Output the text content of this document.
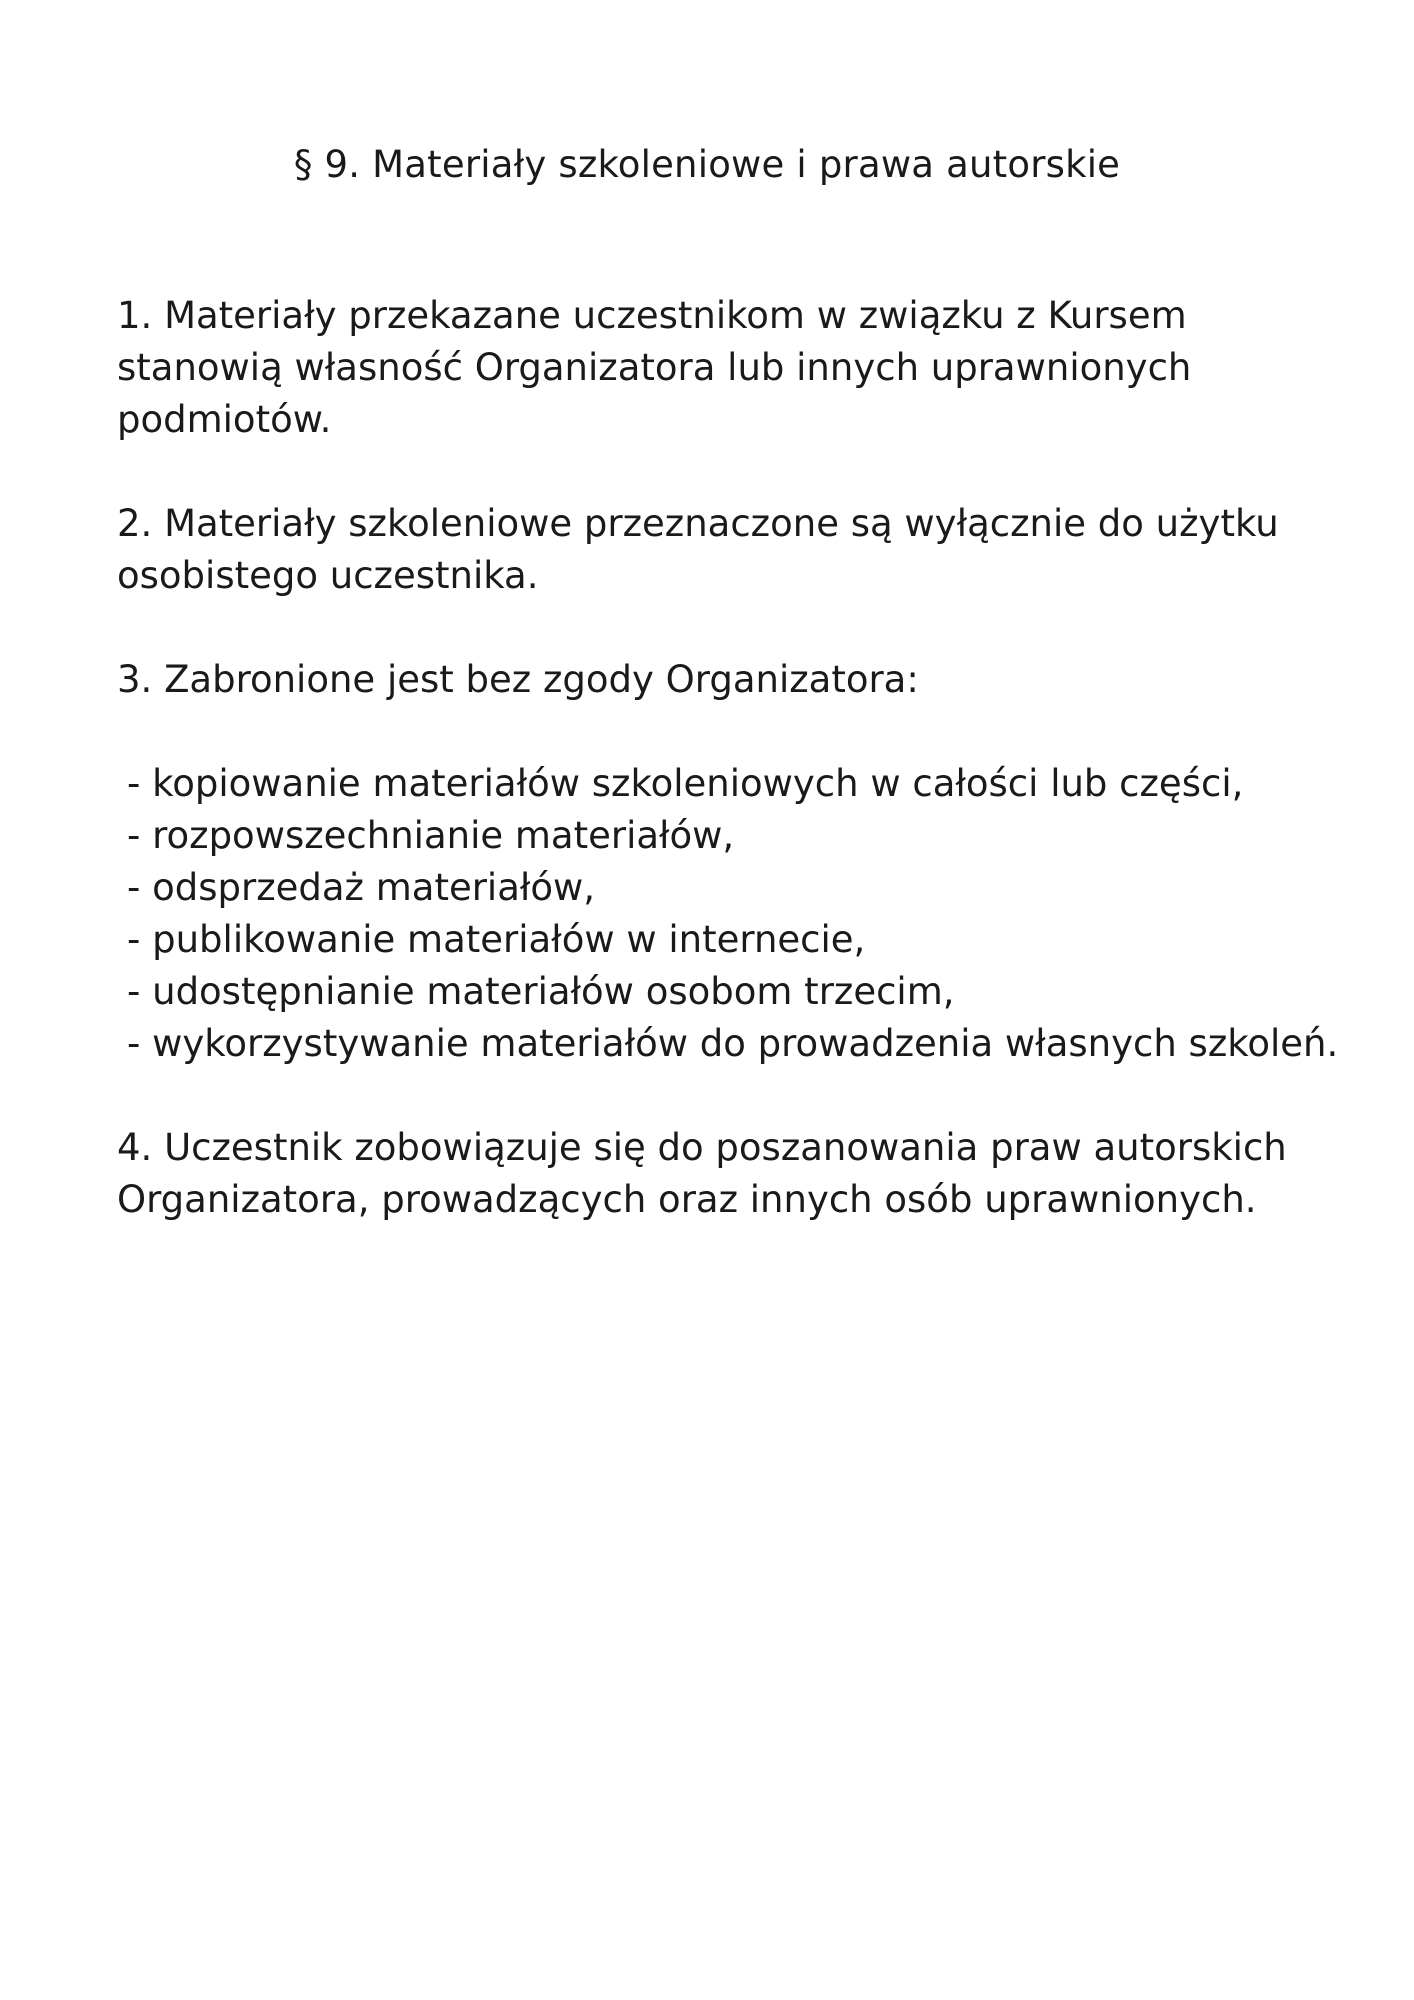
§ 9. Materiały szkoleniowe i prawa autorskie

1. Materiały przekazane uczestnikom w związku z Kursem stanowią własność Organizatora lub innych uprawnionych podmiotów.

2. Materiały szkoleniowe przeznaczone są wyłącznie do użytku osobistego uczestnika.

3. Zabronione jest bez zgody Organizatora:

- kopiowanie materiałów szkoleniowych w całości lub części,
- rozpowszechnianie materiałów,
- odsprzedaż materiałów,
- publikowanie materiałów w internecie,
- udostępnianie materiałów osobom trzecim,
- wykorzystywanie materiałów do prowadzenia własnych szkoleń.

4. Uczestnik zobowiązuje się do poszanowania praw autorskich Organizatora, prowadzących oraz innych osób uprawnionych.
